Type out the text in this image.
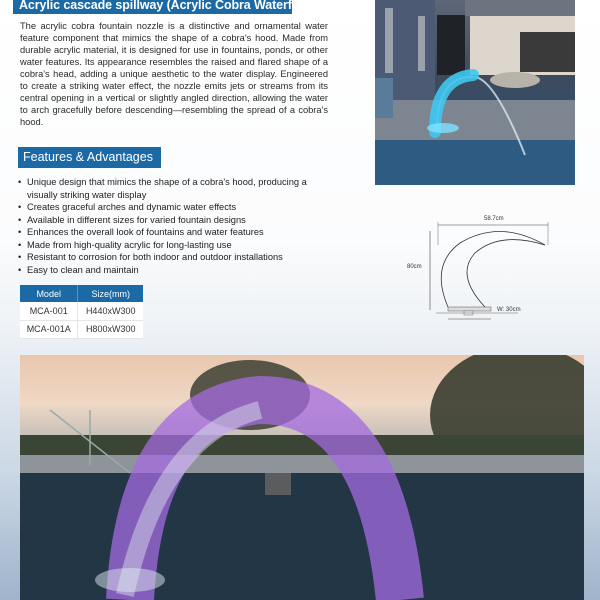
Acrylic cascade spillway (Acrylic Cobra Waterfall)

The acrylic cobra fountain nozzle is a distinctive and ornamental water feature component that mimics the shape of a cobra's hood. Made from durable acrylic material, it is designed for use in fountains, ponds, or other water features. Its appearance resembles the raised and flared shape of a cobra's head, adding a unique aesthetic to the water display. Engineered to create a striking water effect, the nozzle emits jets or streams from its central opening in a vertical or slightly angled direction, allowing the water to arch gracefully before descending—resembling the spread of a cobra's hood.

Features & Advantages
• Unique design that mimics the shape of a cobra's hood, producing a visually striking water display
• Creates graceful arches and dynamic water effects
• Available in different sizes for varied fountain designs
• Enhances the overall look of fountains and water features
• Made from high-quality acrylic for long-lasting use
• Resistant to corrosion for both indoor and outdoor installations
• Easy to clean and maintain
Model	Size(mm)
MCA-001	H440xW300
MCA-001A	H800xW300
58.7cm
80cm
W: 30cm
